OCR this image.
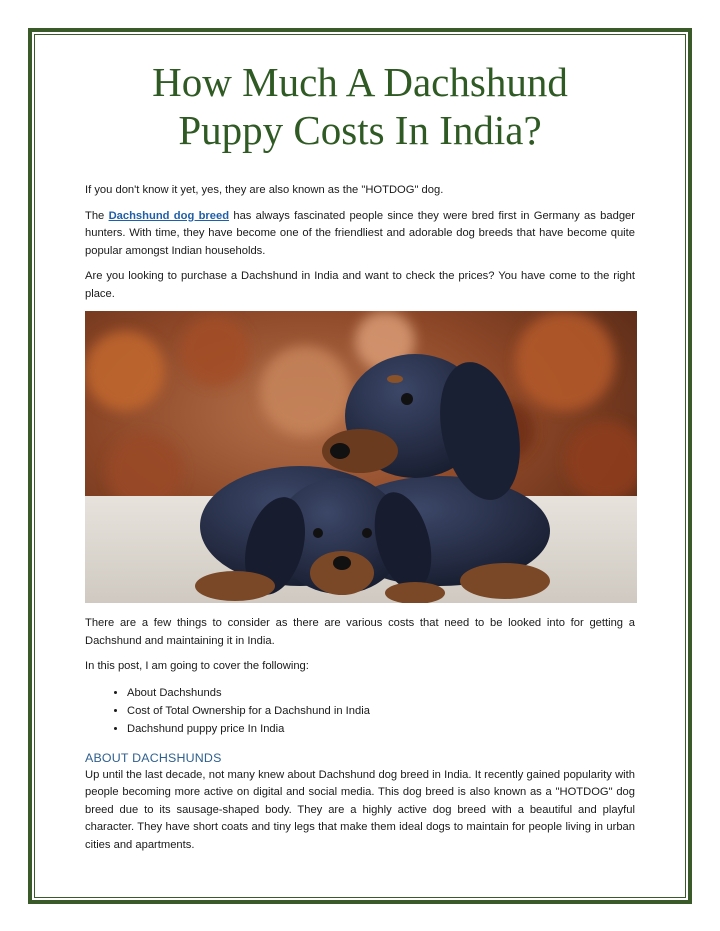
How Much A Dachshund
Puppy Costs In India?

If you don't know it yet, yes, they are also known as the "HOTDOG" dog.

The Dachshund dog breed has always fascinated people since they were bred first in Germany as badger hunters. With time, they have become one of the friendliest and adorable dog breeds that have become quite popular amongst Indian households.

Are you looking to purchase a Dachshund in India and want to check the prices? You have come to the right place.

There are a few things to consider as there are various costs that need to be looked into for getting a Dachshund and maintaining it in India.

In this post, I am going to cover the following:

• About Dachshunds
• Cost of Total Ownership for a Dachshund in India
• Dachshund puppy price In India
ABOUT DACHSHUNDS

Up until the last decade, not many knew about Dachshund dog breed in India. It recently gained popularity with people becoming more active on digital and social media. This dog breed is also known as a "HOTDOG" dog breed due to its sausage-shaped body. They are a highly active dog breed with a beautiful and playful character. They have short coats and tiny legs that make them ideal dogs to maintain for people living in urban cities and apartments.
